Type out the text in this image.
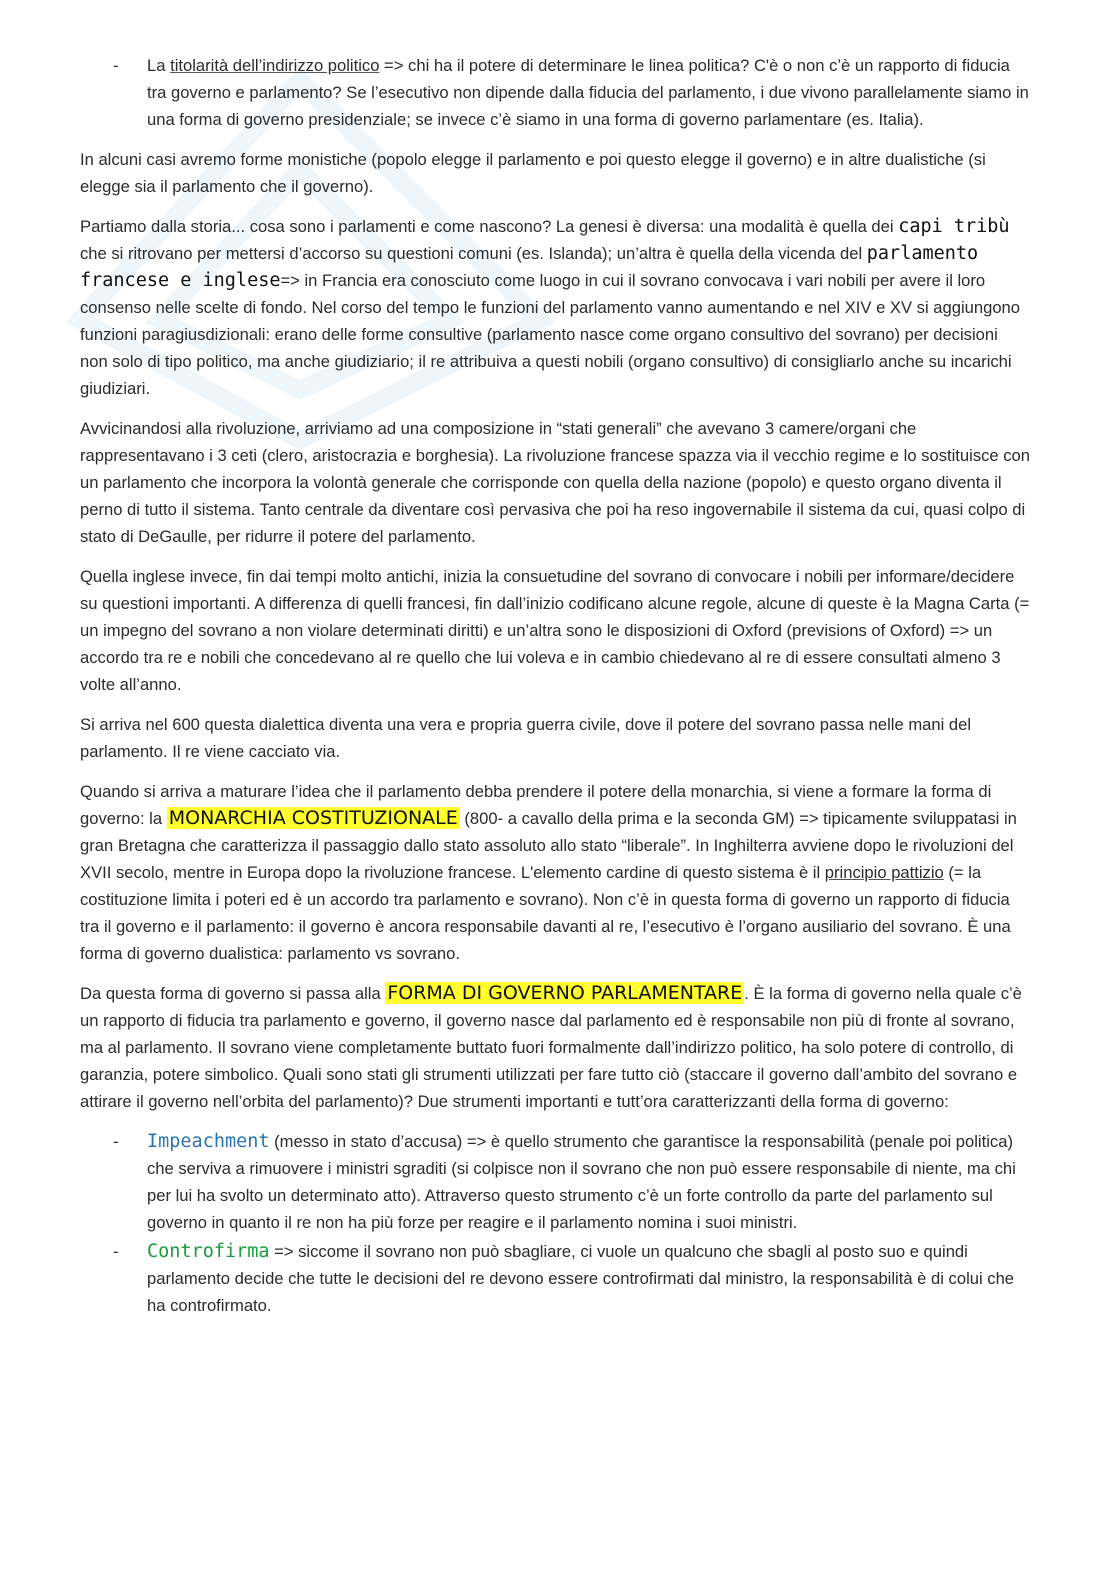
- La titolarità dell’indirizzo politico => chi ha il potere di determinare le linea politica? C'è o non c’è un rapporto di fiducia tra governo e parlamento? Se l’esecutivo non dipende dalla fiducia del parlamento, i due vivono parallelamente siamo in una forma di governo presidenziale; se invece c’è siamo in una forma di governo parlamentare (es. Italia).

In alcuni casi avremo forme monistiche (popolo elegge il parlamento e poi questo elegge il governo) e in altre dualistiche (si elegge sia il parlamento che il governo).

Partiamo dalla storia... cosa sono i parlamenti e come nascono? La genesi è diversa: una modalità è quella dei capi tribù che si ritrovano per mettersi d’accorso su questioni comuni (es. Islanda); un’altra è quella della vicenda del parlamento francese e inglese=> in Francia era conosciuto come luogo in cui il sovrano convocava i vari nobili per avere il loro consenso nelle scelte di fondo. Nel corso del tempo le funzioni del parlamento vanno aumentando e nel XIV e XV si aggiungono funzioni paragiusdizionali: erano delle forme consultive (parlamento nasce come organo consultivo del sovrano) per decisioni non solo di tipo politico, ma anche giudiziario; il re attribuiva a questi nobili (organo consultivo) di consigliarlo anche su incarichi giudiziari.

Avvicinandosi alla rivoluzione, arriviamo ad una composizione in “stati generali” che avevano 3 camere/organi che rappresentavano i 3 ceti (clero, aristocrazia e borghesia). La rivoluzione francese spazza via il vecchio regime e lo sostituisce con un parlamento che incorpora la volontà generale che corrisponde con quella della nazione (popolo) e questo organo diventa il perno di tutto il sistema. Tanto centrale da diventare così pervasiva che poi ha reso ingovernabile il sistema da cui, quasi colpo di stato di DeGaulle, per ridurre il potere del parlamento.

Quella inglese invece, fin dai tempi molto antichi, inizia la consuetudine del sovrano di convocare i nobili per informare/decidere su questioni importanti. A differenza di quelli francesi, fin dall’inizio codificano alcune regole, alcune di queste è la Magna Carta (= un impegno del sovrano a non violare determinati diritti) e un’altra sono le disposizioni di Oxford (previsions of Oxford) => un accordo tra re e nobili che concedevano al re quello che lui voleva e in cambio chiedevano al re di essere consultati almeno 3 volte all’anno.

Si arriva nel 600 questa dialettica diventa una vera e propria guerra civile, dove il potere del sovrano passa nelle mani del parlamento. Il re viene cacciato via.

Quando si arriva a maturare l’idea che il parlamento debba prendere il potere della monarchia, si viene a formare la forma di governo: la MONARCHIA COSTITUZIONALE (800- a cavallo della prima e la seconda GM) => tipicamente sviluppatasi in gran Bretagna che caratterizza il passaggio dallo stato assoluto allo stato “liberale”. In Inghilterra avviene dopo le rivoluzioni del XVII secolo, mentre in Europa dopo la rivoluzione francese. L'elemento cardine di questo sistema è il principio pattizio (= la costituzione limita i poteri ed è un accordo tra parlamento e sovrano). Non c’è in questa forma di governo un rapporto di fiducia tra il governo e il parlamento: il governo è ancora responsabile davanti al re, l’esecutivo è l’organo ausiliario del sovrano. È una forma di governo dualistica: parlamento vs sovrano.

Da questa forma di governo si passa alla FORMA DI GOVERNO PARLAMENTARE . È la forma di governo nella quale c’è un rapporto di fiducia tra parlamento e governo, il governo nasce dal parlamento ed è responsabile non più di fronte al sovrano, ma al parlamento. Il sovrano viene completamente buttato fuori formalmente dall’indirizzo politico, ha solo potere di controllo, di garanzia, potere simbolico. Quali sono stati gli strumenti utilizzati per fare tutto ciò (staccare il governo dall’ambito del sovrano e attirare il governo nell’orbita del parlamento)? Due strumenti importanti e tutt’ora caratterizzanti della forma di governo:

- Impeachment (messo in stato d’accusa) => è quello strumento che garantisce la responsabilità (penale poi politica) che serviva a rimuovere i ministri sgraditi (si colpisce non il sovrano che non può essere responsabile di niente, ma chi per lui ha svolto un determinato atto). Attraverso questo strumento c’è un forte controllo da parte del parlamento sul governo in quanto il re non ha più forze per reagire e il parlamento nomina i suoi ministri.
- Controfirma => siccome il sovrano non può sbagliare, ci vuole un qualcuno che sbagli al posto suo e quindi parlamento decide che tutte le decisioni del re devono essere controfirmati dal ministro, la responsabilità è di colui che ha controfirmato.
